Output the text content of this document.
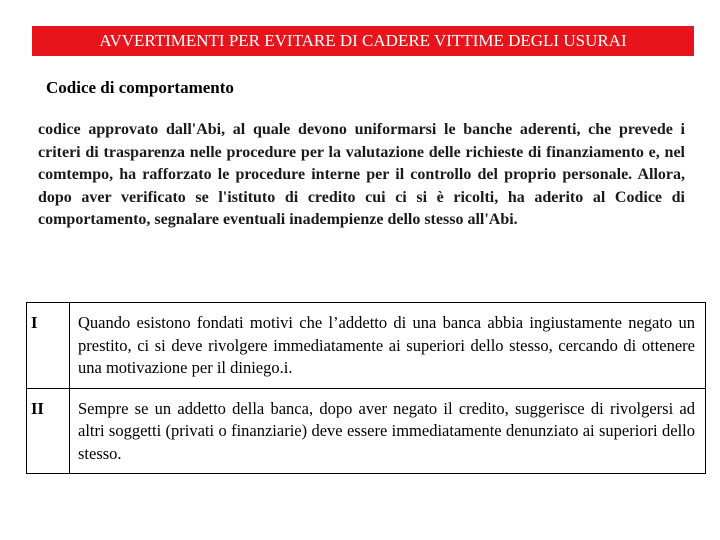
AVVERTIMENTI PER EVITARE DI CADERE VITTIME DEGLI USURAI
Codice di comportamento
codice approvato dall'Abi, al quale devono uniformarsi le banche aderenti, che prevede i criteri di trasparenza nelle procedure per la valutazione delle richieste di finanziamento e, nel comtempo, ha rafforzato le procedure interne per il controllo del proprio personale. Allora, dopo aver verificato se l'istituto di credito cui ci si è ricolti, ha aderito al Codice di comportamento, segnalare eventuali inadempienze dello stesso all'Abi.
I	Quando esistono fondati motivi che l’addetto di una banca abbia ingiustamente negato un prestito, ci si deve rivolgere immediatamente ai superiori dello stesso, cercando di ottenere una motivazione per il diniego.i.
II	Sempre se un addetto della banca, dopo aver negato il credito, suggerisce di rivolgersi ad altri soggetti (privati o finanziarie) deve essere immediatamente denunziato ai superiori dello stesso.
